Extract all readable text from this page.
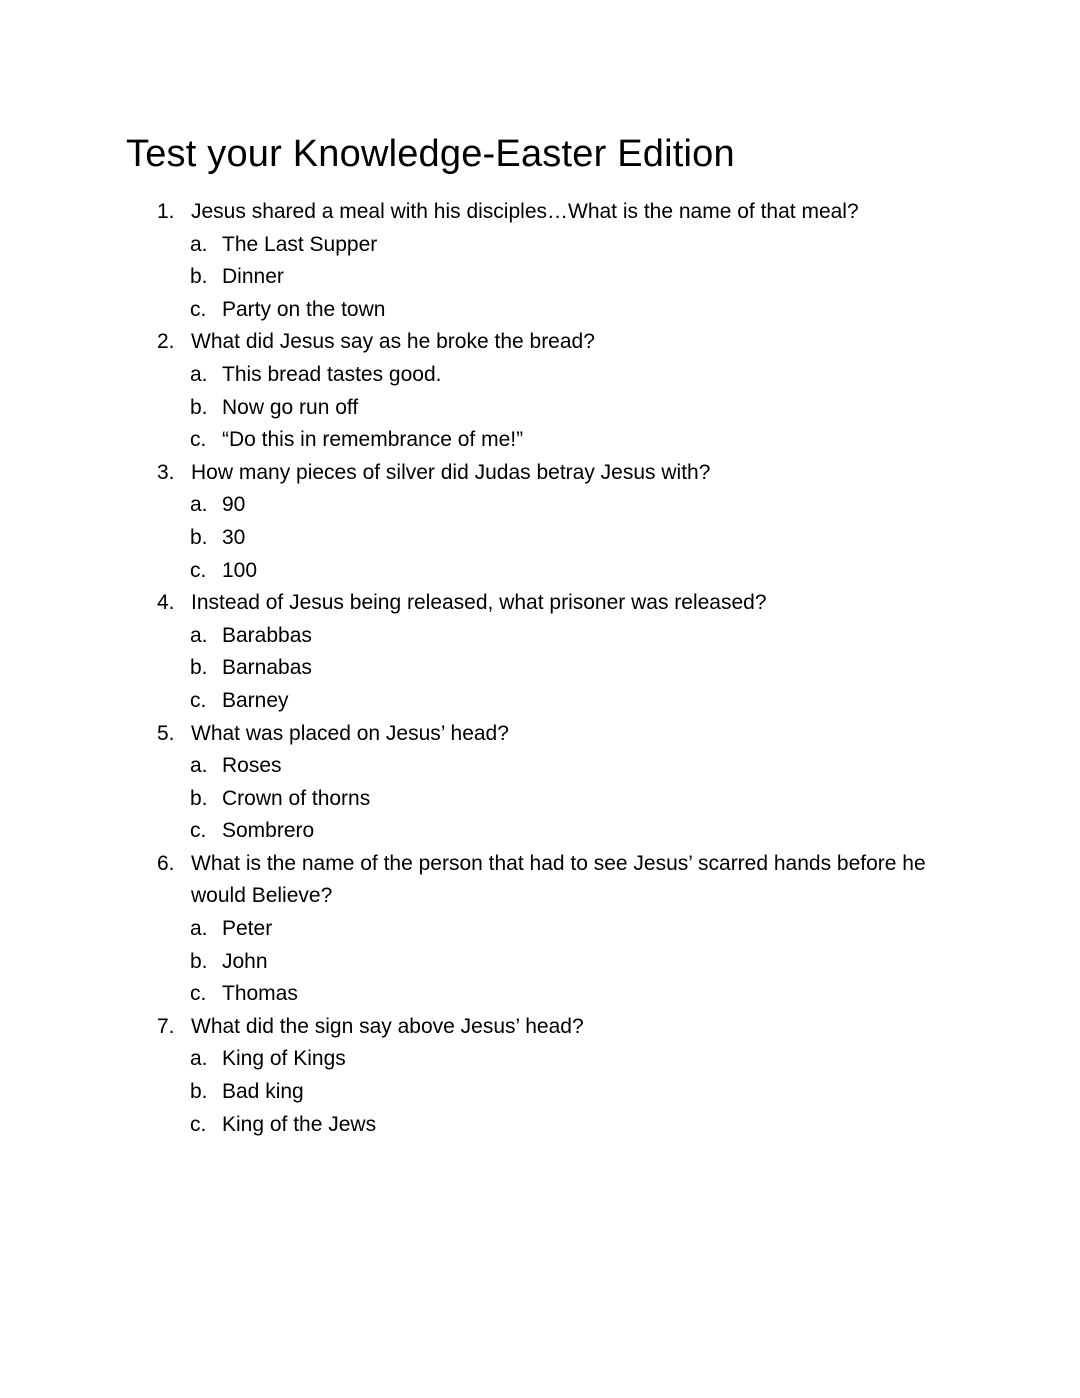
Test your Knowledge-Easter Edition
1. Jesus shared a meal with his disciples…What is the name of that meal?
a. The Last Supper
b. Dinner
c. Party on the town
2. What did Jesus say as he broke the bread?
a. This bread tastes good.
b. Now go run off
c. “Do this in remembrance of me!”
3. How many pieces of silver did Judas betray Jesus with?
a. 90
b. 30
c. 100
4. Instead of Jesus being released, what prisoner was released?
a. Barabbas
b. Barnabas
c. Barney
5. What was placed on Jesus’ head?
a. Roses
b. Crown of thorns
c. Sombrero
6. What is the name of the person that had to see Jesus’ scarred hands before he would Believe?
a. Peter
b. John
c. Thomas
7. What did the sign say above Jesus’ head?
a. King of Kings
b. Bad king
c. King of the Jews
